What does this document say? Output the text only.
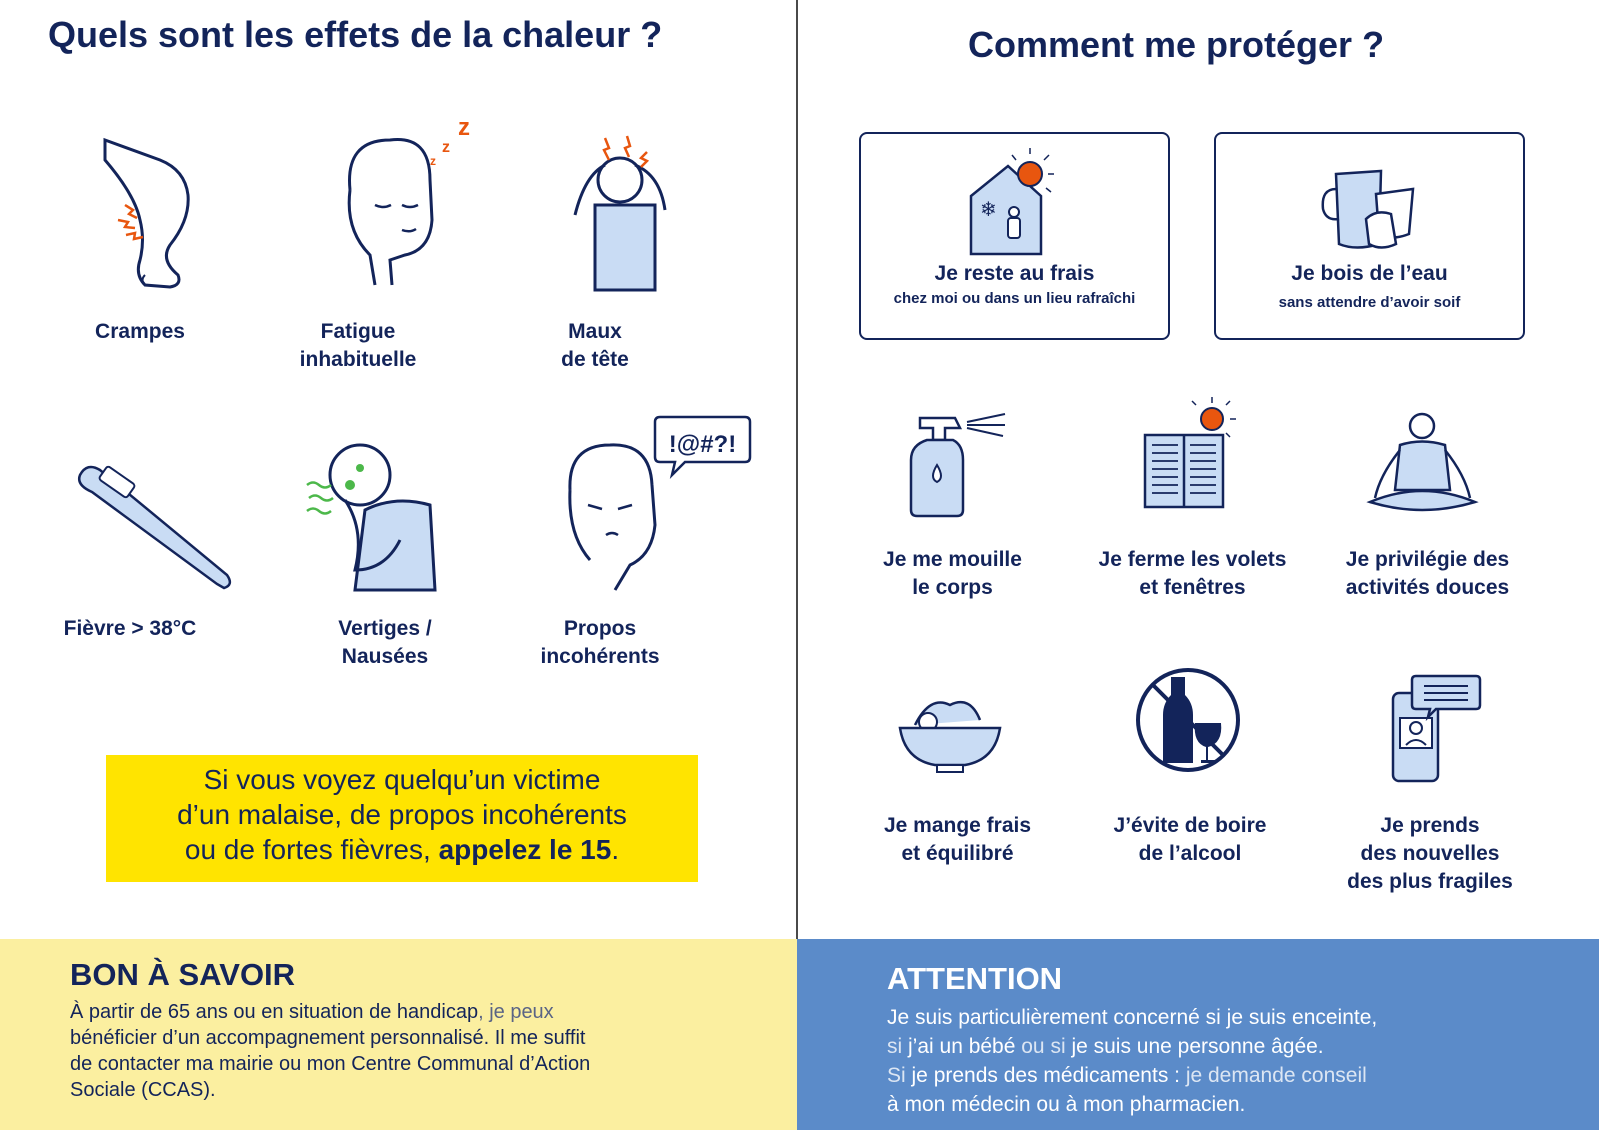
Quels sont les effets de la chaleur ?
Crampes
z
z
z
Fatigue
inhabituelle
Maux
de tête
Fièvre > 38°C	Vertiges /
Nausées
!@#?!
Propos
incohérents
Si vous voyez quelqu’un victime
d’un malaise, de propos incohérents
ou de fortes fièvres, appelez le 15.
Comment me protéger ?
❄
Je reste au frais
chez moi ou dans un lieu rafraîchi
Je bois de l’eau
sans attendre d’avoir soif
Je me mouille
le corps
Je ferme les volets
et fenêtres
Je privilégie des
activités douces
Je mange frais
et équilibré
J’évite de boire
de l’alcool
Je prends
des nouvelles
des plus fragiles
BON À SAVOIR
À partir de 65 ans ou en situation de handicap, je peux
bénéficier d’un accompagnement personnalisé. Il me suffit
de contacter ma mairie ou mon Centre Communal d’Action
Sociale (CCAS).
ATTENTION
Je suis particulièrement concerné si je suis enceinte,
si j’ai un bébé ou si je suis une personne âgée.
Si je prends des médicaments : je demande conseil
à mon médecin ou à mon pharmacien.
